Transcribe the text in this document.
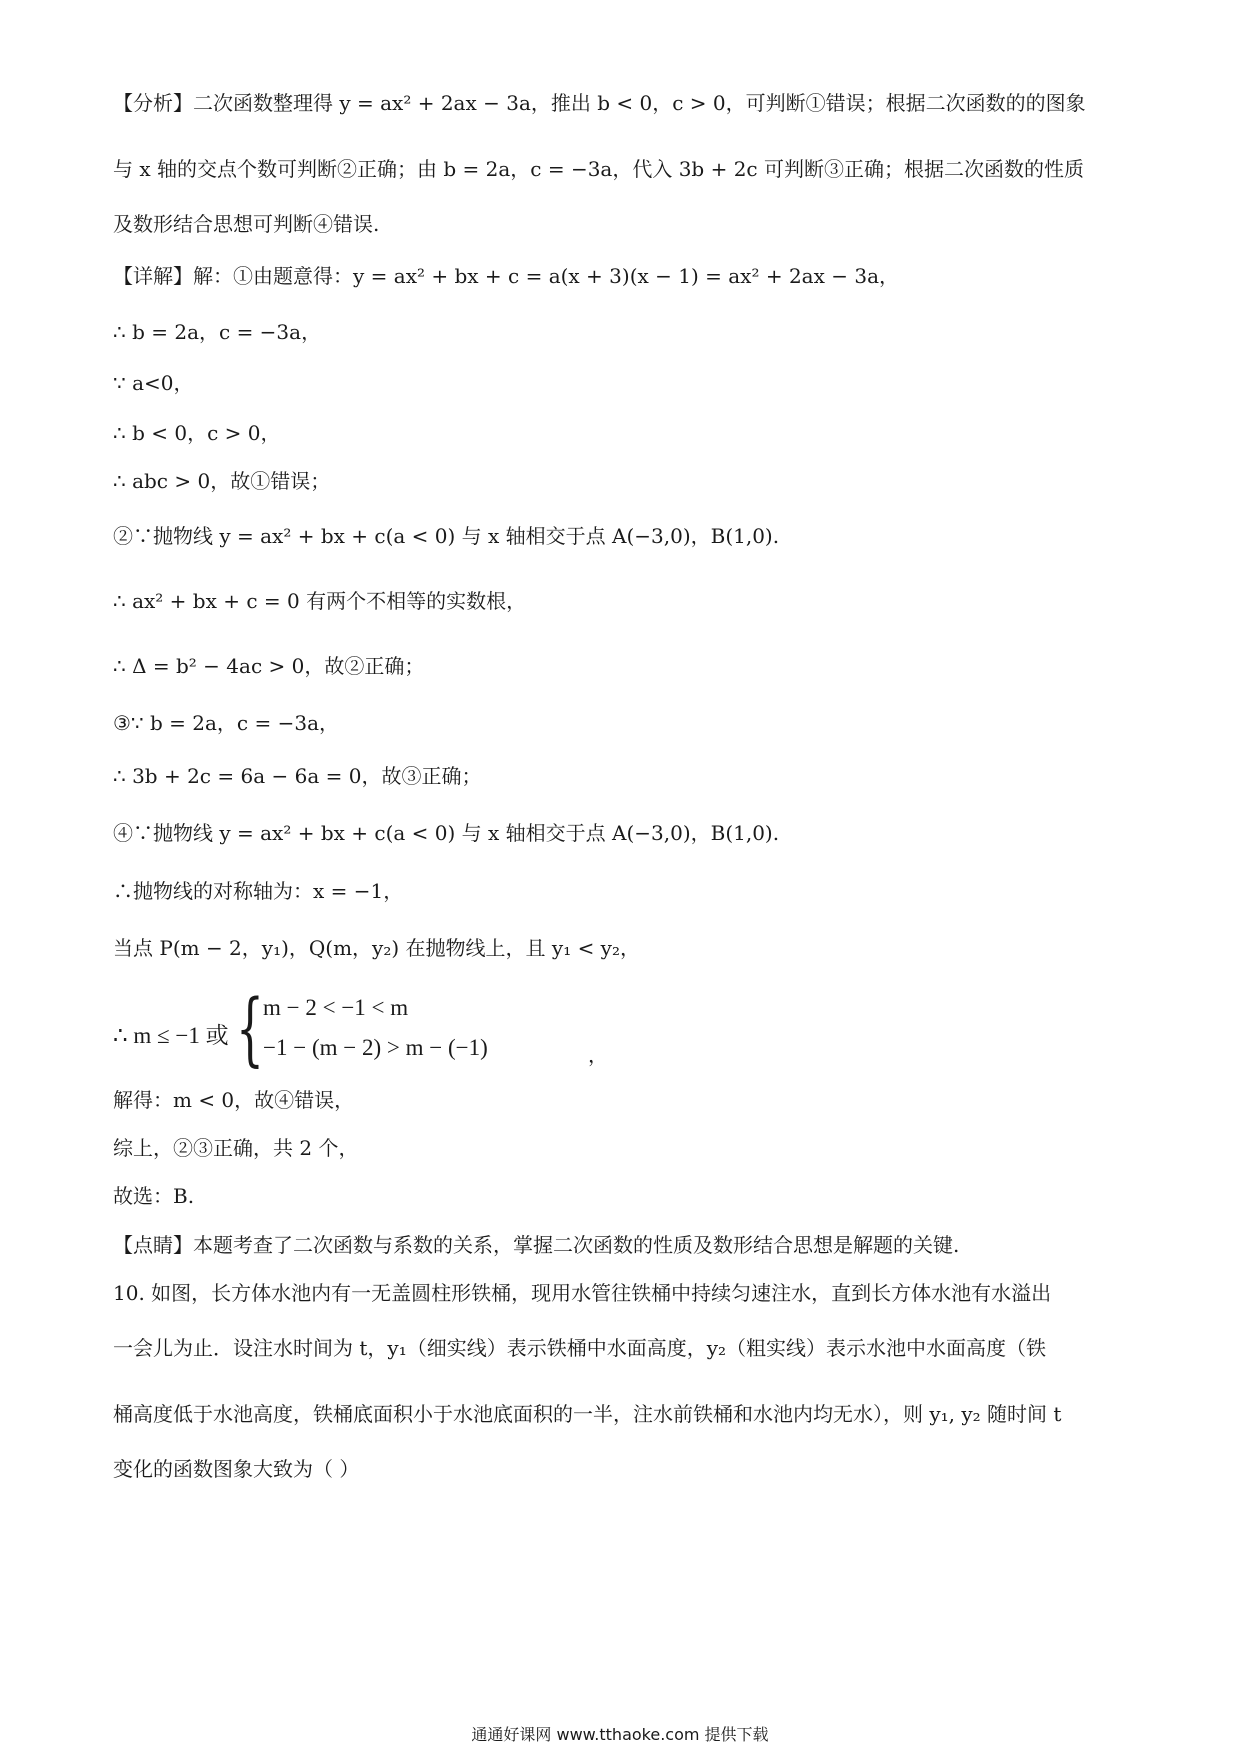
【分析】二次函数整理得 y = ax² + 2ax − 3a，推出 b < 0，c > 0，可判断①错误；根据二次函数的的图象
与 x 轴的交点个数可判断②正确；由 b = 2a，c = −3a，代入 3b + 2c 可判断③正确；根据二次函数的性质
及数形结合思想可判断④错误.
【详解】解：①由题意得：y = ax² + bx + c = a(x + 3)(x − 1) = ax² + 2ax − 3a，
∴ b = 2a，c = −3a，
∵ a<0，
∴ b < 0，c > 0，
∴ abc > 0，故①错误；
②∵抛物线 y = ax² + bx + c(a < 0) 与 x 轴相交于点 A(−3,0)，B(1,0).
∴ ax² + bx + c = 0 有两个不相等的实数根，
∴ Δ = b² − 4ac > 0，故②正确；
③∵ b = 2a，c = −3a，
∴ 3b + 2c = 6a − 6a = 0，故③正确；
④∵抛物线 y = ax² + bx + c(a < 0) 与 x 轴相交于点 A(−3,0)，B(1,0).
∴抛物线的对称轴为：x = −1，
当点 P(m − 2，y₁)，Q(m，y₂) 在抛物线上，且 y₁ < y₂，
解得：m < 0，故④错误，
综上，②③正确，共 2 个，
故选：B.
【点睛】本题考查了二次函数与系数的关系，掌握二次函数的性质及数形结合思想是解题的关键.
10. 如图，长方体水池内有一无盖圆柱形铁桶，现用水管往铁桶中持续匀速注水，直到长方体水池有水溢出
一会儿为止．设注水时间为 t，y₁（细实线）表示铁桶中水面高度，y₂（粗实线）表示水池中水面高度（铁
桶高度低于水池高度，铁桶底面积小于水池底面积的一半，注水前铁桶和水池内均无水），则 y₁, y₂ 随时间 t
变化的函数图象大致为（ ）
∴ m ≤ −1 或 { m − 2 < −1 < m
−1 − (m − 2) > m − (−1)	，
通通好课网 www.tthaoke.com 提供下载
